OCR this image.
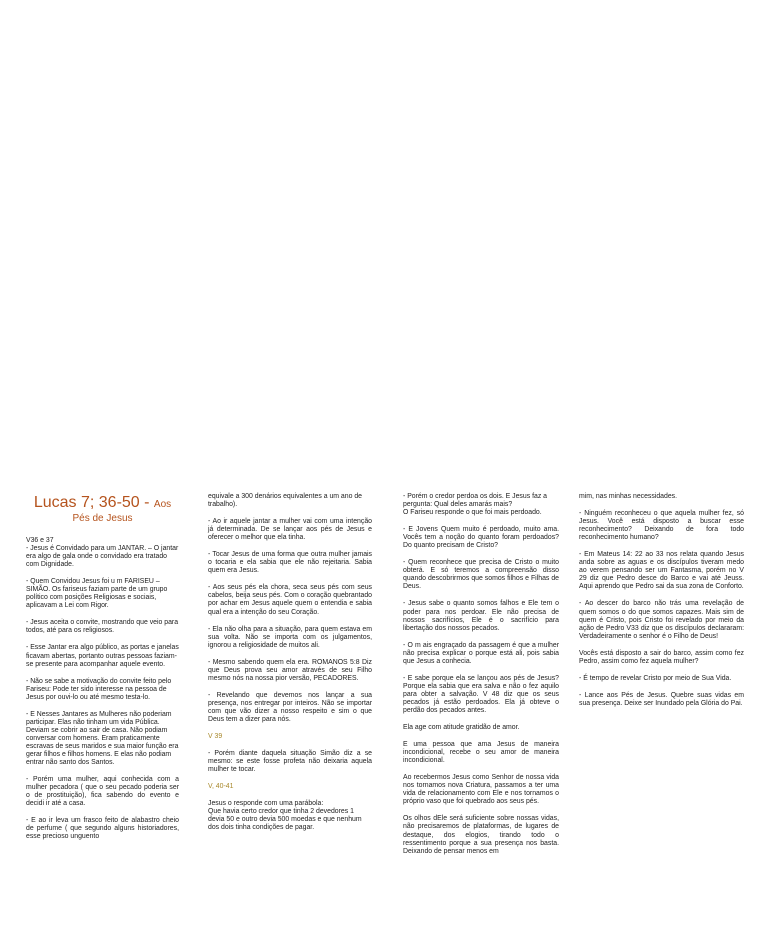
Lucas 7; 36-50 - Aos
Pés de Jesus

V36 e 37
- Jesus é Convidado para um JANTAR. – O jantar era algo de gala onde o convidado era tratado com Dignidade.

- Quem Convidou Jesus foi u m FARISEU – SIMÃO. Os fariseus faziam parte de um grupo político com posições Religiosas e sociais, aplicavam a Lei com Rigor.

- Jesus aceita o convite, mostrando que veio para todos, até para os religiosos.

- Esse Jantar era algo público, as portas e janelas ficavam abertas, portanto outras pessoas faziam-se presente para acompanhar aquele evento.

- Não se sabe a motivação do convite feito pelo Fariseu: Pode ter sido interesse na pessoa de Jesus por ouvi-lo ou até mesmo testa-lo.

- E Nesses Jantares as Mulheres não poderiam participar. Elas não tinham um vida Pública. Deviam se cobrir ao sair de casa. Não podiam conversar com homens. Eram praticamente escravas de seus maridos e sua maior função era gerar filhos e filhos homens. E elas não podiam entrar não santo dos Santos.

- Porém uma mulher, aqui conhecida com a mulher pecadora ( que o seu pecado poderia ser o de prostituição), fica sabendo do evento e decidi ir até a casa.

- E ao ir leva um frasco feito de alabastro cheio de perfume ( que segundo alguns historiadores, esse precioso unguento

equivale a 300 denários equivalentes a um ano de trabalho).

- Ao ir aquele jantar a mulher vai com uma intenção já determinada. De se lançar aos pés de Jesus e oferecer o melhor que ela tinha.

- Tocar Jesus de uma forma que outra mulher jamais o tocaria e ela sabia que ele não rejeitaria. Sabia quem era Jesus.

- Aos seus pés ela chora, seca seus pés com seus cabelos, beija seus pés. Com o coração quebrantado por achar em Jesus aquele quem o entendia e sabia qual era a intenção do seu Coração.

- Ela não olha para a situação, para quem estava em sua volta. Não se importa com os julgamentos, ignorou a religiosidade de muitos ali.

- Mesmo sabendo quem ela era. ROMANOS 5:8 Diz que Deus prova seu amor através de seu Filho mesmo nós na nossa pior versão, PECADORES.

- Revelando que devemos nos lançar a sua presença, nos entregar por inteiros. Não se importar com que vão dizer a nosso respeito e sim o que Deus tem a dizer para nós.

V 39

- Porém diante daquela situação Simão diz a se mesmo: se este fosse profeta não deixaria aquela mulher te tocar.

V, 40-41

Jesus o responde com uma parábola:
Que havia certo credor que tinha 2 devedores 1 devia 50 e outro devia 500 moedas e que nenhum dos dois tinha condições de pagar.

- Porém o credor perdoa os dois. E Jesus faz a pergunta: Qual deles amarás mais?
O Fariseu responde o que foi mais perdoado.

- E Jovens Quem muito é perdoado, muito ama. Vocês tem a noção do quanto foram perdoados? Do quanto precisam de Cristo?

- Quem reconhece que precisa de Cristo o muito obterá. E só teremos a compreensão disso quando descobrirmos que somos filhos e Filhas de Deus.

- Jesus sabe o quanto somos falhos e Ele tem o poder para nos perdoar. Ele não precisa de nossos sacrifícios, Ele é o sacrifício para libertação dos nossos pecados.

- O m ais engraçado da passagem é que a mulher não precisa explicar o porque está ali, pois sabia que Jesus a conhecia.

- E sabe porque ela se lançou aos pés de Jesus? Porque ela sabia que era salva e não o fez aquilo para obter a salvação. V 48 diz que os seus pecados já estão perdoados. Ela já obteve o perdão dos pecados antes.

Ela age com atitude gratidão de amor.

E uma pessoa que ama Jesus de maneira incondicional, recebe o seu amor de maneira incondicional.

Ao recebermos Jesus como Senhor de nossa vida nos tornamos nova Criatura, passamos a ter uma vida de relacionamento com Ele e nos tornamos o próprio vaso que foi quebrado aos seus pés.

Os olhos dEle será suficiente sobre nossas vidas, não precisaremos de plataformas, de lugares de destaque, dos elogios, tirando todo o ressentimento porque a sua presença nos basta. Deixando de pensar menos em

mim, nas minhas necessidades.

- Ninguém reconheceu o que aquela mulher fez, só Jesus. Você está disposto a buscar esse reconhecimento? Deixando de fora todo reconhecimento humano?

- Em Mateus 14: 22 ao 33 nos relata quando Jesus anda sobre as aguas e os discípulos tiveram medo ao verem pensando ser um Fantasma, porém no V 29 diz que Pedro desce do Barco e vai até Jeuss. Aqui aprendo que Pedro sai da sua zona de Conforto.

- Ao descer do barco não trás uma revelação de quem somos o do que somos capazes. Mais sim de quem é Cristo, pois Cristo foi revelado por meio da ação de Pedro V33 diz que os discípulos declararam: Verdadeiramente o senhor é o Filho de Deus!

Vocês está disposto a sair do barco, assim como fez Pedro, assim como fez aquela mulher?

- É tempo de revelar Cristo por meio de Sua Vida.

- Lance aos Pés de Jesus. Quebre suas vidas em sua presença. Deixe ser Inundado pela Glória do Pai.
